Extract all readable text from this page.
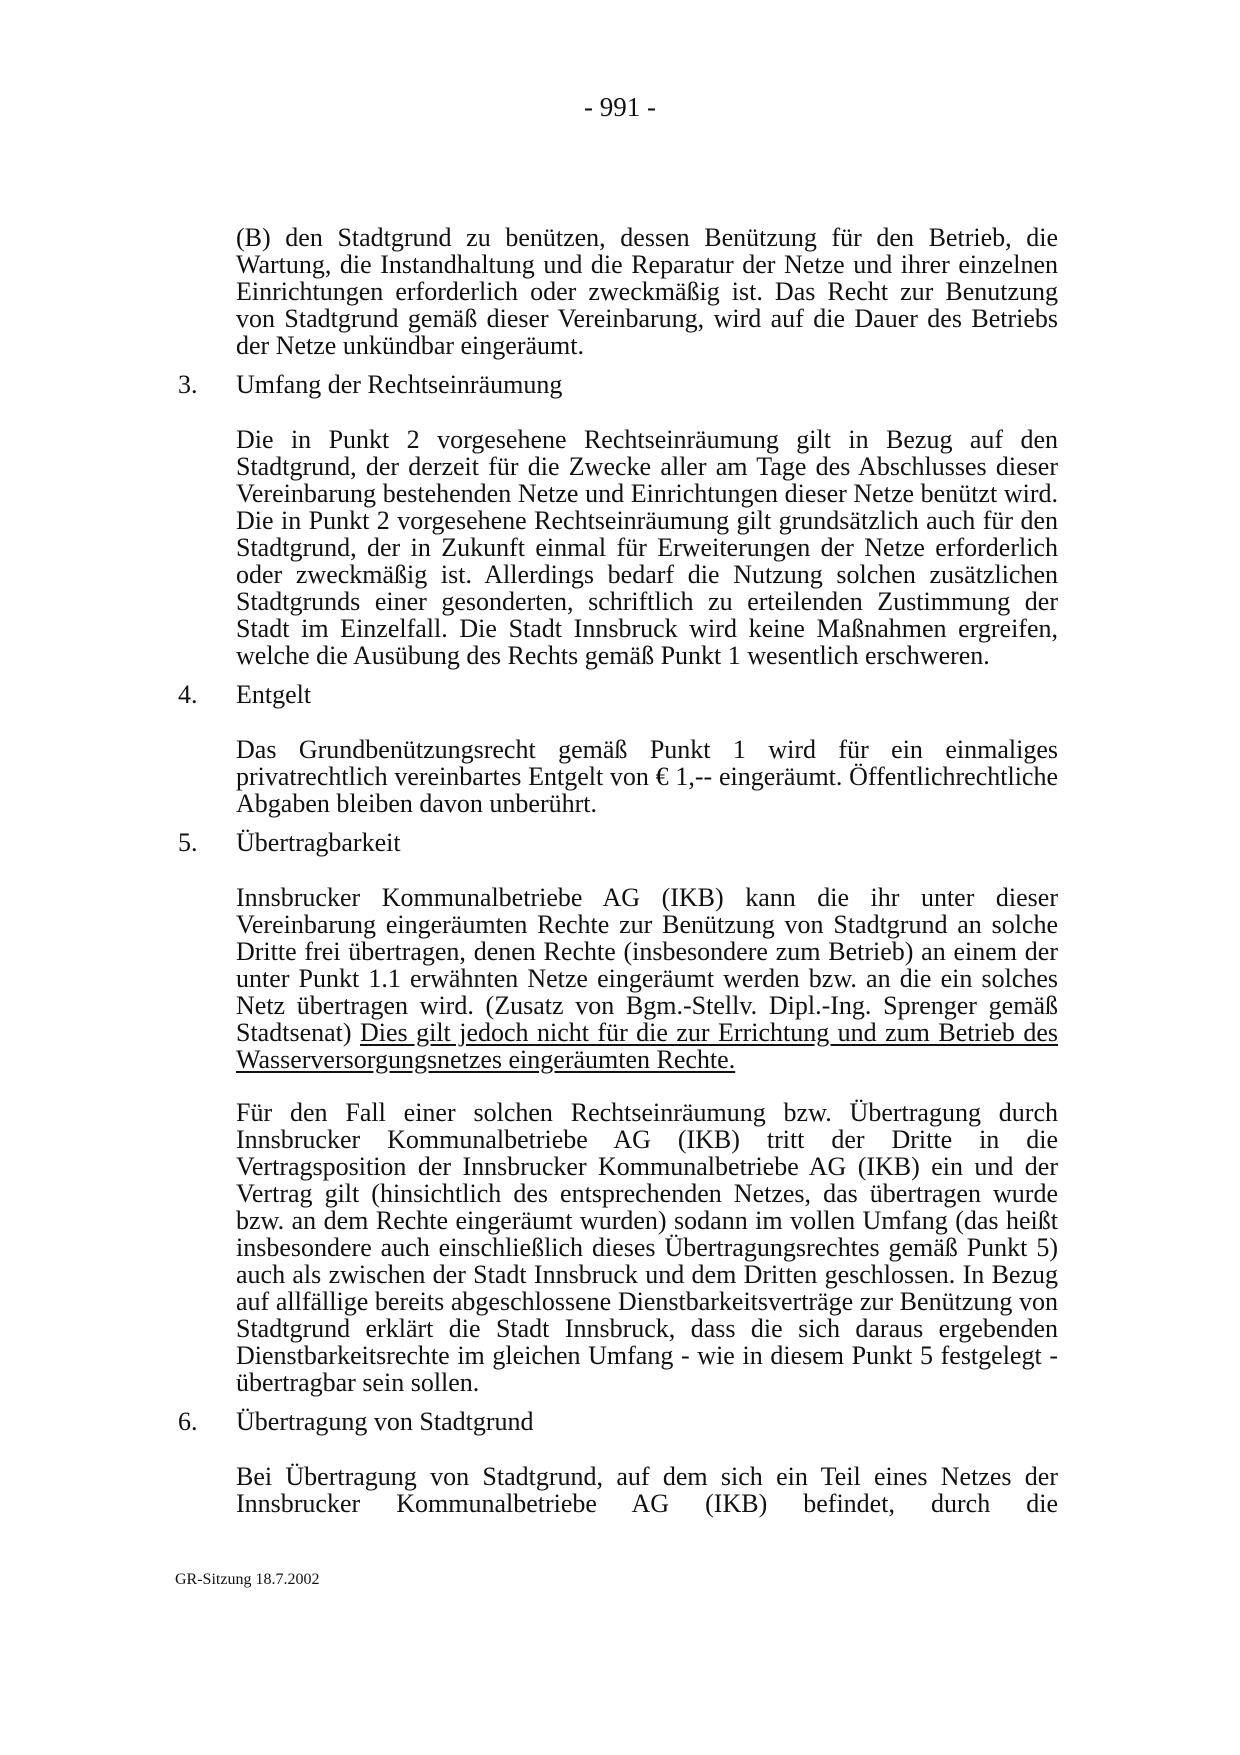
- 991 -

(B) den Stadtgrund zu benützen, dessen Benützung für den Betrieb, die Wartung, die Instandhaltung und die Reparatur der Netze und ihrer einzelnen Einrichtungen erforderlich oder zweckmäßig ist. Das Recht zur Benutzung von Stadtgrund gemäß dieser Vereinbarung, wird auf die Dauer des Betriebs der Netze unkündbar eingeräumt.

3. Umfang der Rechtseinräumung

Die in Punkt 2 vorgesehene Rechtseinräumung gilt in Bezug auf den Stadtgrund, der derzeit für die Zwecke aller am Tage des Abschlusses dieser Vereinbarung bestehenden Netze und Einrichtungen dieser Netze benützt wird. Die in Punkt 2 vorgesehene Rechtseinräumung gilt grundsätzlich auch für den Stadtgrund, der in Zukunft einmal für Erweiterungen der Netze erforderlich oder zweckmäßig ist. Allerdings bedarf die Nutzung solchen zusätzlichen Stadtgrunds einer gesonderten, schriftlich zu erteilenden Zustimmung der Stadt im Einzelfall. Die Stadt Innsbruck wird keine Maßnahmen ergreifen, welche die Ausübung des Rechts gemäß Punkt 1 wesentlich erschweren.

4. Entgelt

Das Grundbenützungsrecht gemäß Punkt 1 wird für ein einmaliges privatrechtlich vereinbartes Entgelt von € 1,-- eingeräumt. Öffentlichrechtliche Abgaben bleiben davon unberührt.

5. Übertragbarkeit

Innsbrucker Kommunalbetriebe AG (IKB) kann die ihr unter dieser Vereinbarung eingeräumten Rechte zur Benützung von Stadtgrund an solche Dritte frei übertragen, denen Rechte (insbesondere zum Betrieb) an einem der unter Punkt 1.1 erwähnten Netze eingeräumt werden bzw. an die ein solches Netz übertragen wird. (Zusatz von Bgm.-Stellv. Dipl.-Ing. Sprenger gemäß Stadtsenat) Dies gilt jedoch nicht für die zur Errichtung und zum Betrieb des Wasserversorgungsnetzes eingeräumten Rechte.

Für den Fall einer solchen Rechtseinräumung bzw. Übertragung durch Innsbrucker Kommunalbetriebe AG (IKB) tritt der Dritte in die Vertragsposition der Innsbrucker Kommunalbetriebe AG (IKB) ein und der Vertrag gilt (hinsichtlich des entsprechenden Netzes, das übertragen wurde bzw. an dem Rechte eingeräumt wurden) sodann im vollen Umfang (das heißt insbesondere auch einschließlich dieses Übertragungsrechtes gemäß Punkt 5) auch als zwischen der Stadt Innsbruck und dem Dritten geschlossen. In Bezug auf allfällige bereits abgeschlossene Dienstbarkeitsverträge zur Benützung von Stadtgrund erklärt die Stadt Innsbruck, dass die sich daraus ergebenden Dienstbarkeitsrechte im gleichen Umfang - wie in diesem Punkt 5 festgelegt - übertragbar sein sollen.

6. Übertragung von Stadtgrund

Bei Übertragung von Stadtgrund, auf dem sich ein Teil eines Netzes der Innsbrucker Kommunalbetriebe AG (IKB) befindet, durch die

GR-Sitzung 18.7.2002
